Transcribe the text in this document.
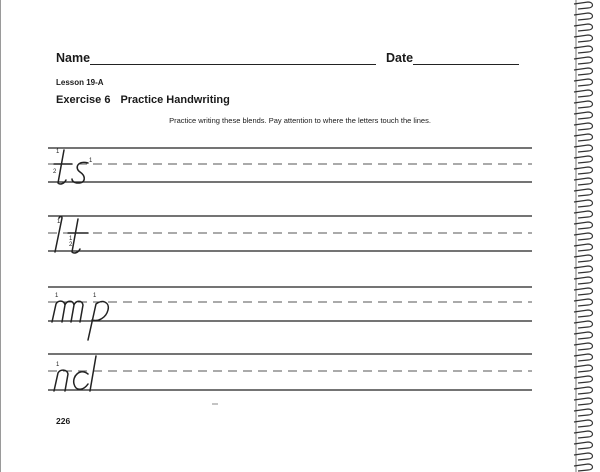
Name	Date
Lesson 19-A
Exercise 6 Practice Handwriting
Practice writing these blends. Pay attention to where the letters touch the lines.
1
2
1
1
1
2
1	1
1
226
